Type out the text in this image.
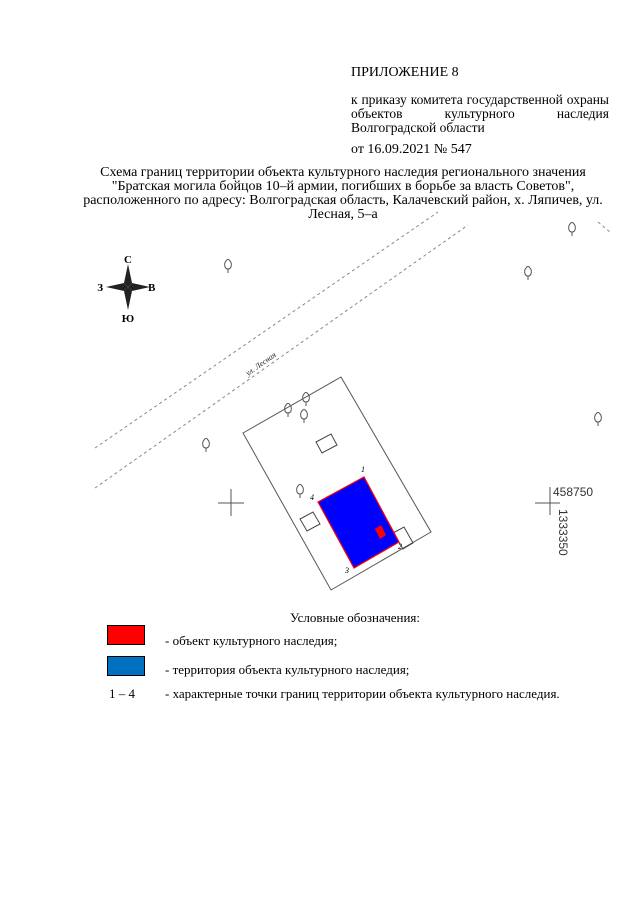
ул. Лесная
1
2
3
4	458750
1333350
С
Ю
З	В
ПРИЛОЖЕНИЕ 8
к приказу комитета государственной охраны объектов культурного наследия Волгоградской области
от 16.09.2021 № 547
Схема границ территории объекта культурного наследия регионального значения "Братская могила бойцов 10–й армии, погибших в борьбе за власть Советов", расположенного по адресу: Волгоградская область, Калачевский район, х. Ляпичев, ул. Лесная, 5–а
Условные обозначения:
- объект культурного наследия;
- территория объекта культурного наследия;
1 – 4	- характерные точки границ территории объекта культурного наследия.
